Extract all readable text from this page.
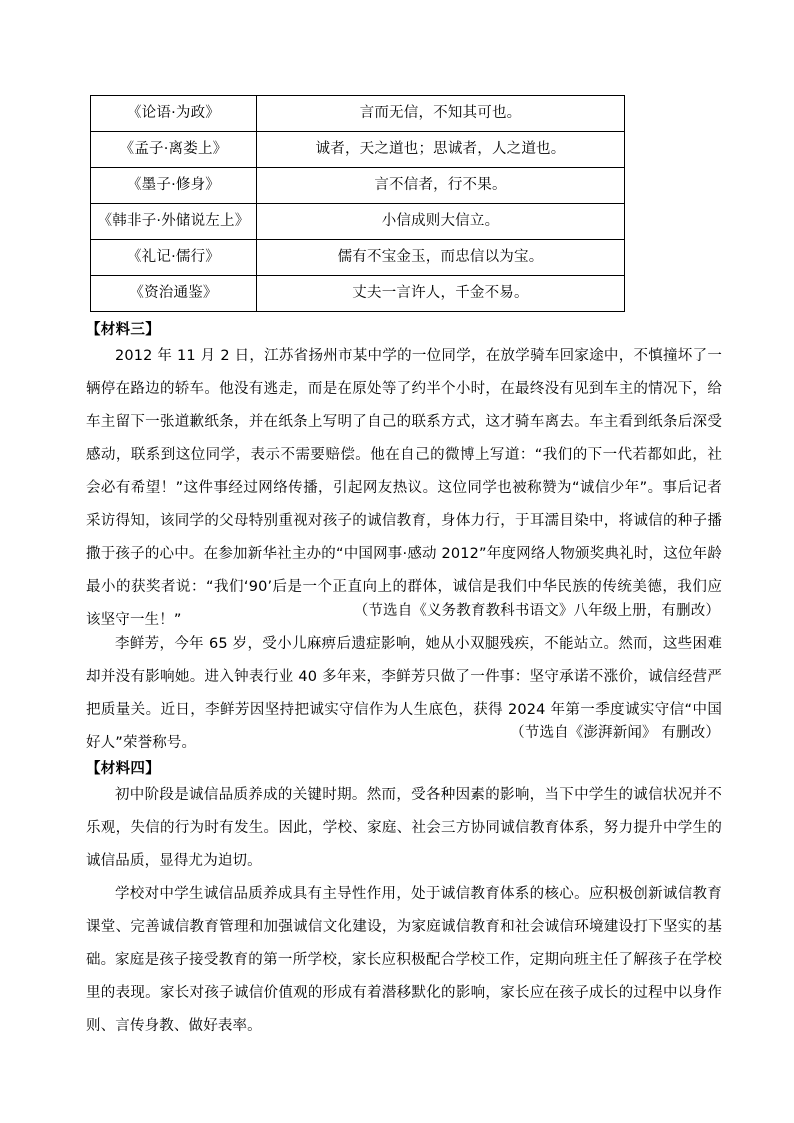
《论语·为政》	言而无信，不知其可也。
《孟子·离娄上》	诚者，天之道也；思诚者，人之道也。
《墨子·修身》	言不信者，行不果。
《韩非子·外储说左上》	小信成则大信立。
《礼记·儒行》	儒有不宝金玉，而忠信以为宝。
《资治通鉴》	丈夫一言许人，千金不易。
【材料三】
2012 年 11 月 2 日，江苏省扬州市某中学的一位同学，在放学骑车回家途中，不慎撞坏了一辆停在路边的轿车。他没有逃走，而是在原处等了约半个小时，在最终没有见到车主的情况下，给车主留下一张道歉纸条，并在纸条上写明了自己的联系方式，这才骑车离去。车主看到纸条后深受感动，联系到这位同学，表示不需要赔偿。他在自己的微博上写道：“我们的下一代若都如此，社会必有希望！”这件事经过网络传播，引起网友热议。这位同学也被称赞为“诚信少年”。事后记者采访得知，该同学的父母特别重视对孩子的诚信教育，身体力行，于耳濡目染中，将诚信的种子播撒于孩子的心中。在参加新华社主办的“中国网事·感动 2012”年度网络人物颁奖典礼时，这位年龄最小的获奖者说：“我们‘90’后是一个正直向上的群体，诚信是我们中华民族的传统美德，我们应该坚守一生！”
（节选自《义务教育教科书语文》八年级上册，有删改）
李鲜芳，今年 65 岁，受小儿麻痹后遗症影响，她从小双腿残疾，不能站立。然而，这些困难却并没有影响她。进入钟表行业 40 多年来，李鲜芳只做了一件事：坚守承诺不涨价，诚信经营严把质量关。近日，李鲜芳因坚持把诚实守信作为人生底色，获得 2024 年第一季度诚实守信“中国好人”荣誉称号。
（节选自《澎湃新闻》 有删改）
【材料四】
初中阶段是诚信品质养成的关键时期。然而，受各种因素的影响，当下中学生的诚信状况并不乐观，失信的行为时有发生。因此，学校、家庭、社会三方协同诚信教育体系，努力提升中学生的诚信品质，显得尤为迫切。
学校对中学生诚信品质养成具有主导性作用，处于诚信教育体系的核心。应积极创新诚信教育课堂、完善诚信教育管理和加强诚信文化建设，为家庭诚信教育和社会诚信环境建设打下坚实的基础。 家庭是孩子接受教育的第一所学校，家长应积极配合学校工作，定期向班主任了解孩子在学校里的表现。家长对孩子诚信价值观的形成有着潜移默化的影响，家长应在孩子成长的过程中以身作则、言传身教、做好表率。
